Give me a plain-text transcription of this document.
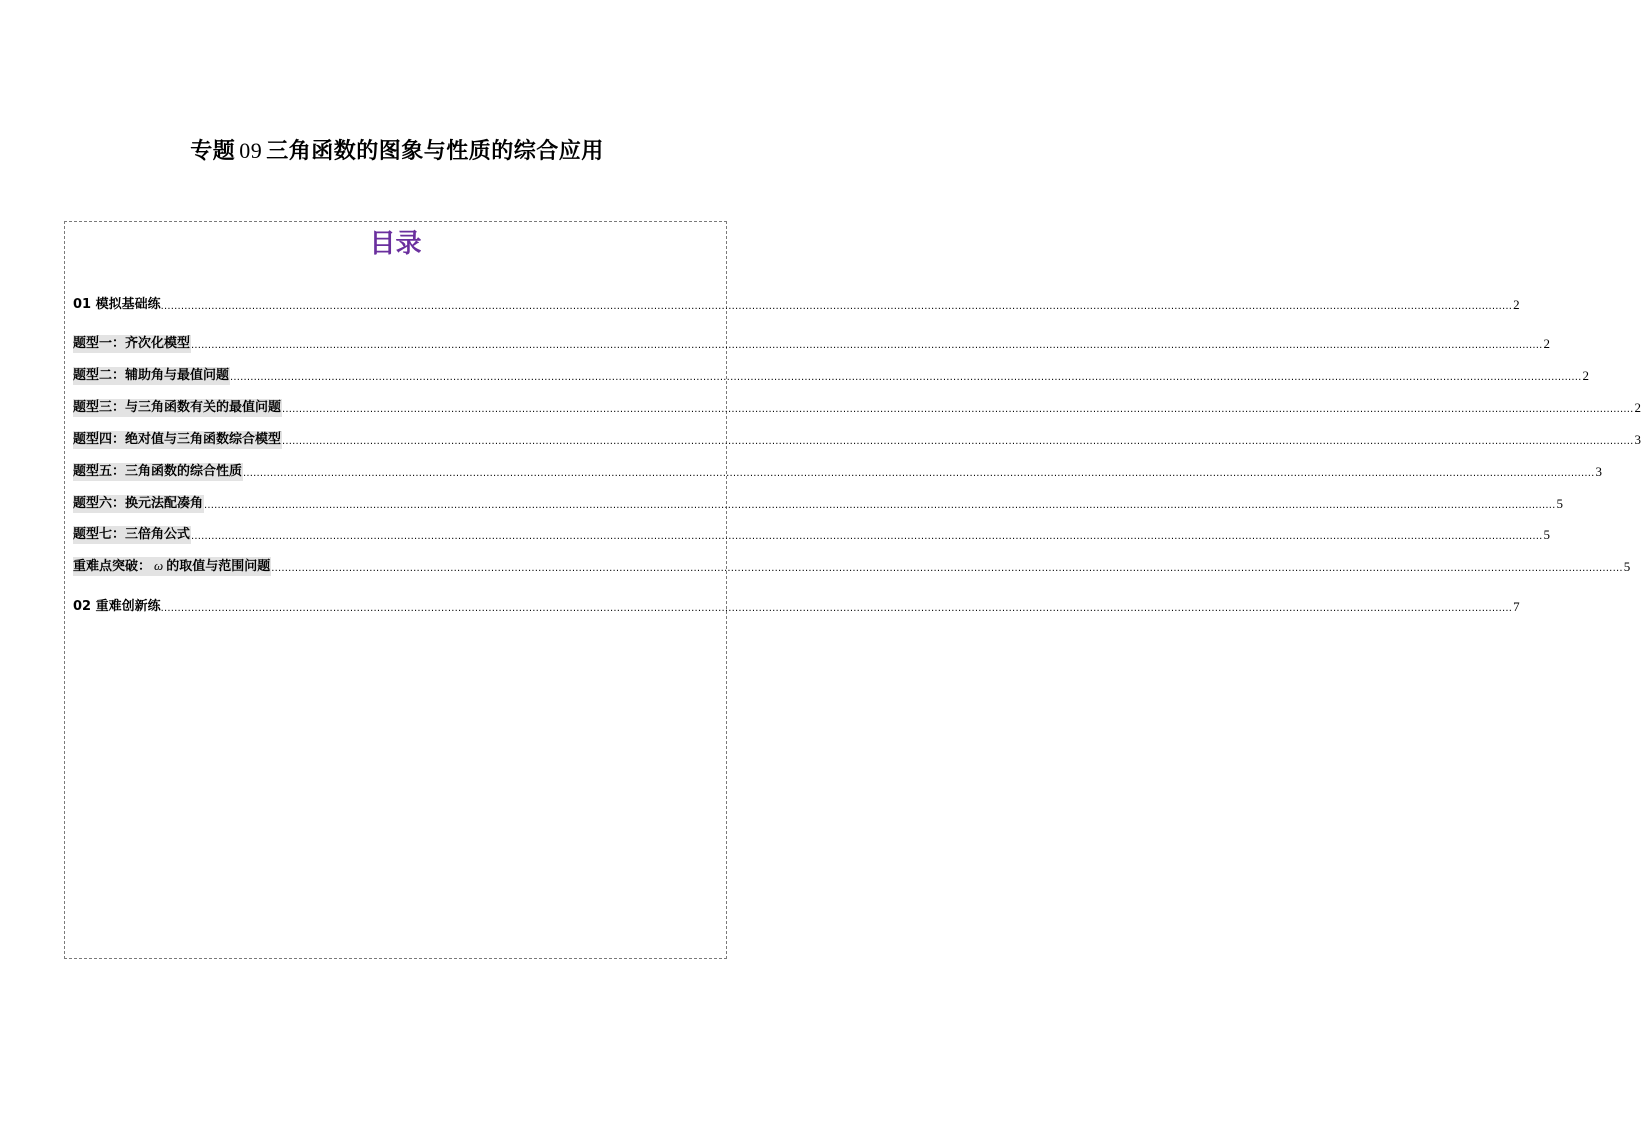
专题 09 三角函数的图象与性质的综合应用
目录
01 模拟基础练 ................................................................................................................................................................................................................................................................................................................................................................................................................ 2
题型一：齐次化模型 ................................................................................................................................................................................................................................................................................................................................................................................................................ 2
题型二：辅助角与最值问题 ................................................................................................................................................................................................................................................................................................................................................................................................................ 2
题型三：与三角函数有关的最值问题 ................................................................................................................................................................................................................................................................................................................................................................................................................ 2
题型四：绝对值与三角函数综合模型 ................................................................................................................................................................................................................................................................................................................................................................................................................ 3
题型五：三角函数的综合性质 ................................................................................................................................................................................................................................................................................................................................................................................................................ 3
题型六：换元法配凑角 ................................................................................................................................................................................................................................................................................................................................................................................................................ 5
题型七：三倍角公式 ................................................................................................................................................................................................................................................................................................................................................................................................................ 5
重难点突破： ω 的取值与范围问题 ................................................................................................................................................................................................................................................................................................................................................................................................................ 5
02 重难创新练 ................................................................................................................................................................................................................................................................................................................................................................................................................ 7
